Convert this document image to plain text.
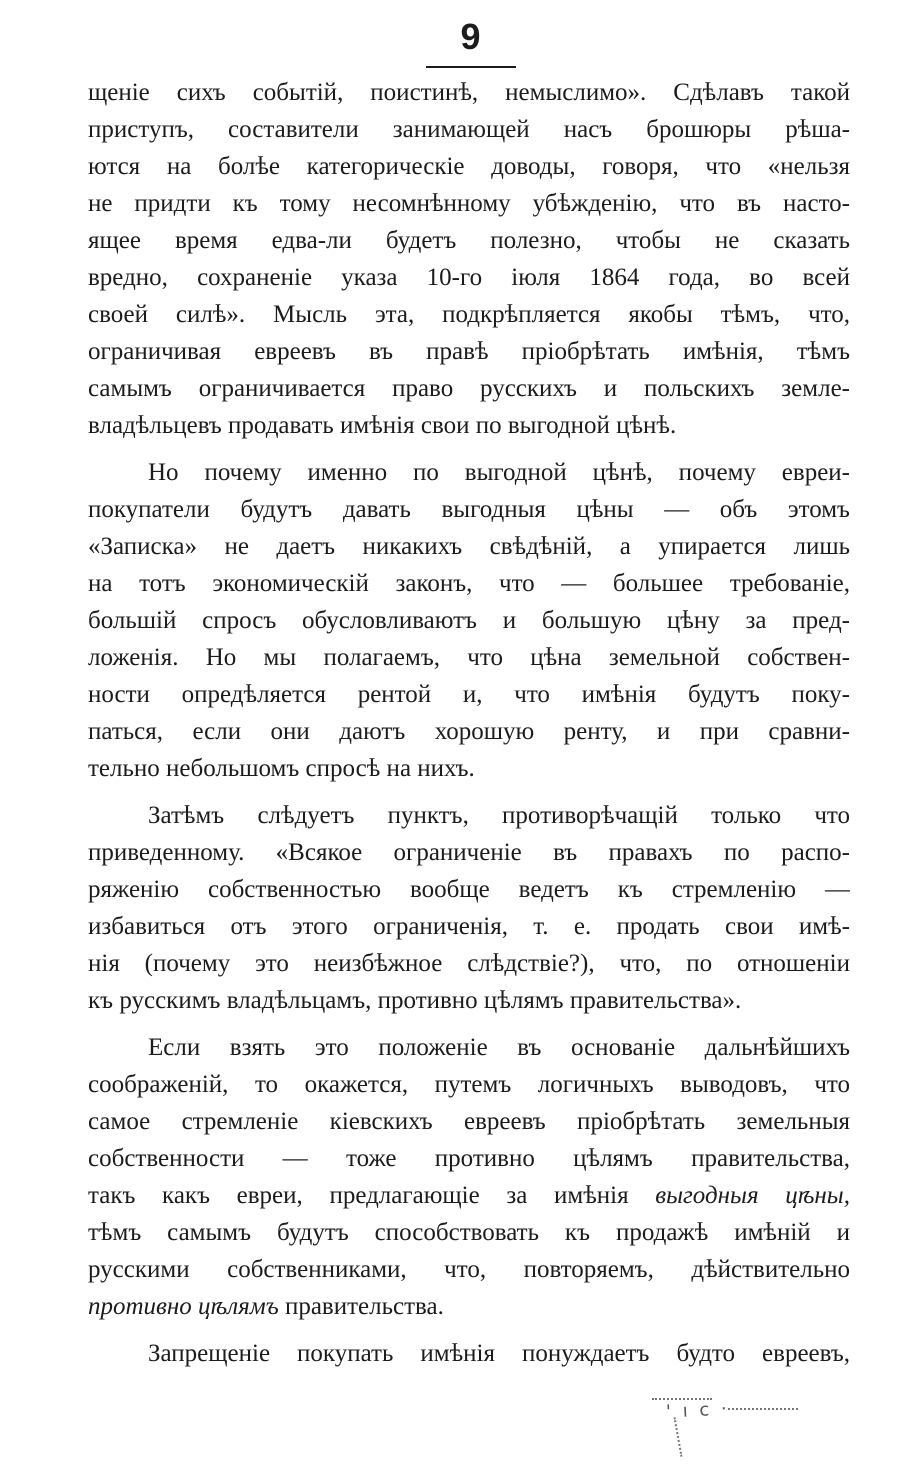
9
щеніе сихъ событій, поистинѣ, немыслимо». Сдѣлавъ такой
приступъ, составители занимающей насъ брошюры рѣша-
ются на болѣе категорическіе доводы, говоря, что «нельзя
не придти къ тому несомнѣнному убѣжденію, что въ насто-
ящее время едва-ли будетъ полезно, чтобы не сказать
вредно, сохраненіе указа 10-го іюля 1864 года, во всей
своей силѣ». Мысль эта, подкрѣпляется якобы тѣмъ, что,
ограничивая евреевъ въ правѣ пріобрѣтать имѣнія, тѣмъ
самымъ ограничивается право русскихъ и польскихъ земле-
владѣльцевъ продавать имѣнія свои по выгодной цѣнѣ.
Но почему именно по выгодной цѣнѣ, почему евреи-
покупатели будутъ давать выгодныя цѣны — объ этомъ
«Записка» не даетъ никакихъ свѣдѣній, а упирается лишь
на тотъ экономическій законъ, что — большее требованіе,
большій спросъ обусловливаютъ и большую цѣну за пред-
ложенія. Но мы полагаемъ, что цѣна земельной собствен-
ности опредѣляется рентой и, что имѣнія будутъ поку-
паться, если они даютъ хорошую ренту, и при сравни-
тельно небольшомъ спросѣ на нихъ.
Затѣмъ слѣдуетъ пунктъ, противорѣчащій только что
приведенному. «Всякое ограниченіе въ правахъ по распо-
ряженію собственностью вообще ведетъ къ стремленію —
избавиться отъ этого ограниченія, т. е. продать свои имѣ-
нія (почему это неизбѣжное слѣдствіе?), что, по отношеніи
къ русскимъ владѣльцамъ, противно цѣлямъ правительства».
Если взять это положеніе въ основаніе дальнѣйшихъ
соображеній, то окажется, путемъ логичныхъ выводовъ, что
самое стремленіе кіевскихъ евреевъ пріобрѣтать земельныя
собственности — тоже противно цѣлямъ правительства,
такъ какъ евреи, предлагающіе за имѣнія выгодныя цѣны,
тѣмъ самымъ будутъ способствовать къ продажѣ имѣній и
русскими собственниками, что, повторяемъ, дѣйствительно
противно цѣлямъ правительства.
Запрещеніе покупать имѣнія понуждаетъ будто евреевъ,
' ı c ·
